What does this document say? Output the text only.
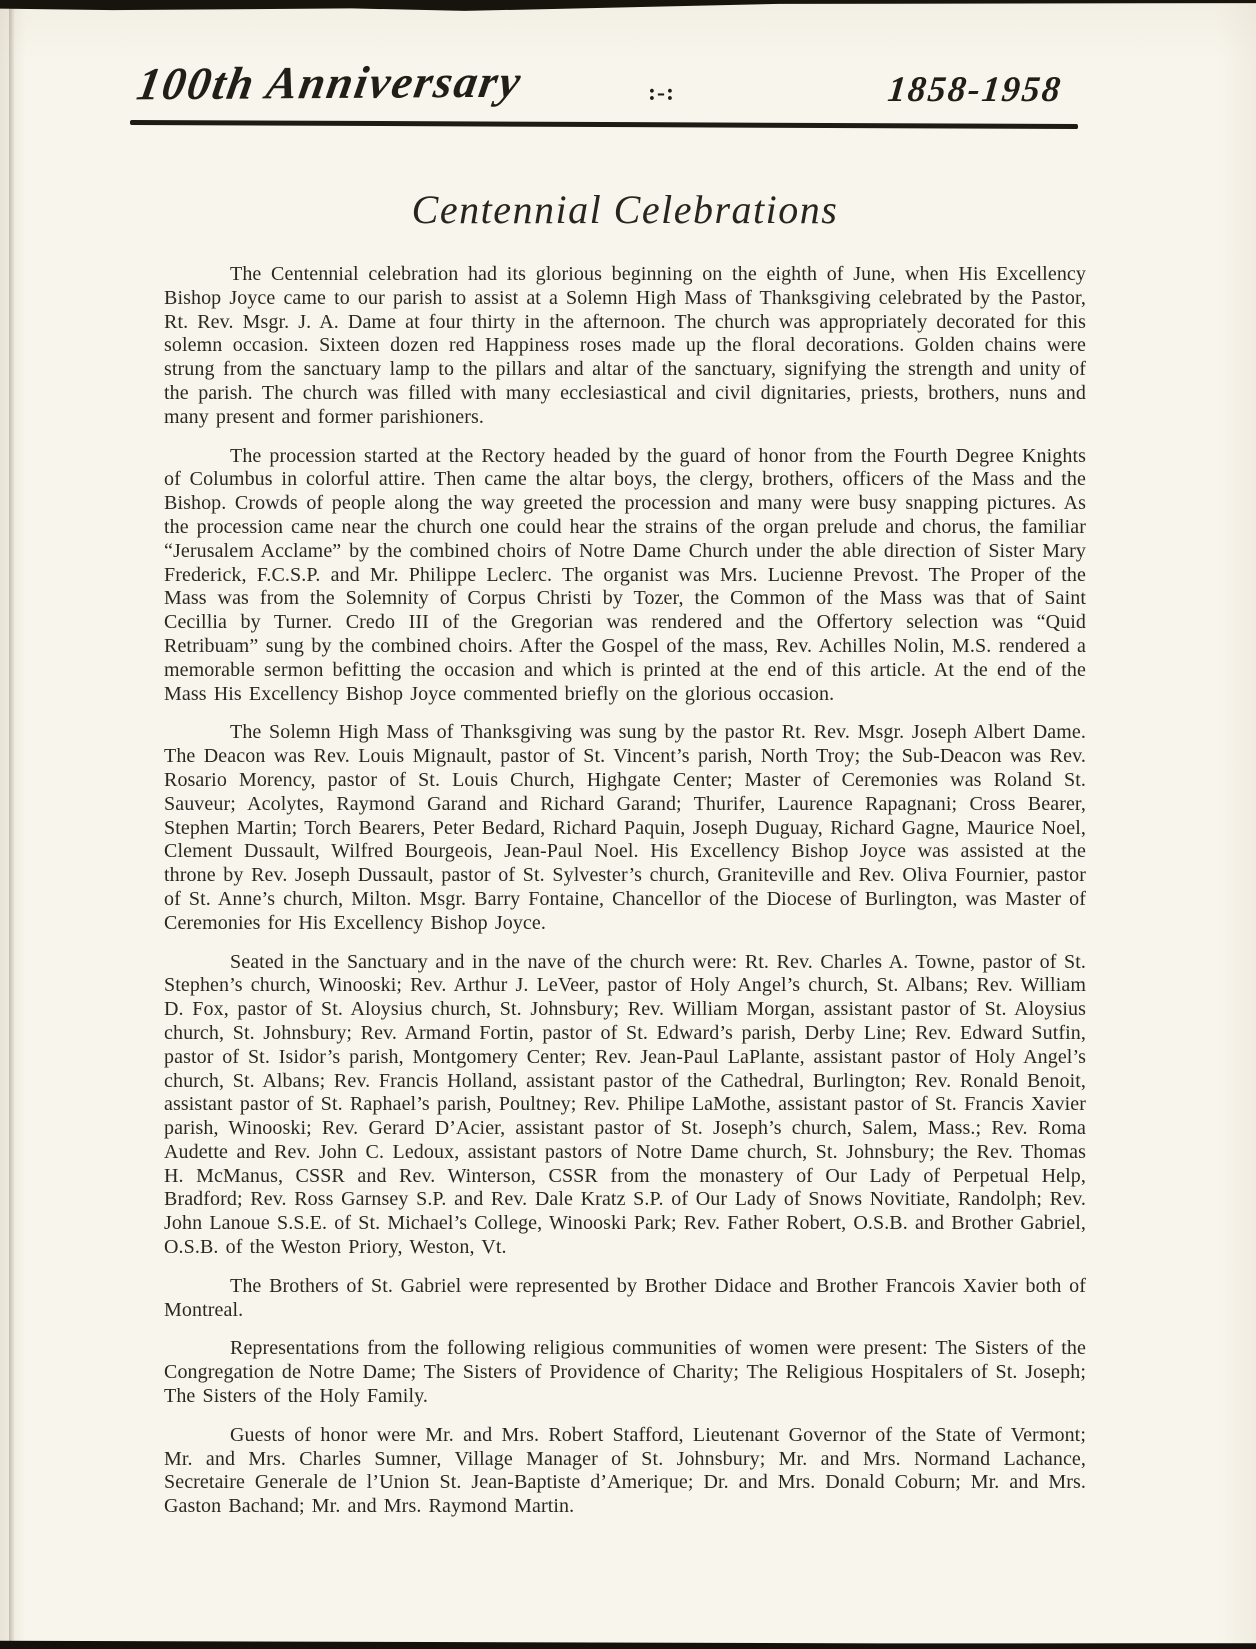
100th Anniversary	:-:	1858-1958
Centennial Celebrations

The Centennial celebration had its glorious beginning on the eighth of June, when His Excellency Bishop Joyce came to our parish to assist at a Solemn High Mass of Thanksgiving celebrated by the Pastor, Rt. Rev. Msgr. J. A. Dame at four thirty in the afternoon. The church was appropriately decorated for this solemn occasion. Sixteen dozen red Happiness roses made up the floral decorations. Golden chains were strung from the sanctuary lamp to the pillars and altar of the sanctuary, signifying the strength and unity of the parish. The church was filled with many ecclesiastical and civil dignitaries, priests, brothers, nuns and many present and former parishioners.

The procession started at the Rectory headed by the guard of honor from the Fourth Degree Knights of Columbus in colorful attire. Then came the altar boys, the clergy, brothers, officers of the Mass and the Bishop. Crowds of people along the way greeted the procession and many were busy snapping pictures. As the procession came near the church one could hear the strains of the organ prelude and chorus, the familiar “Jerusalem Acclame” by the combined choirs of Notre Dame Church under the able direction of Sister Mary Frederick, F.C.S.P. and Mr. Philippe Leclerc. The organist was Mrs. Lucienne Prevost. The Proper of the Mass was from the Solemnity of Corpus Christi by Tozer, the Common of the Mass was that of Saint Cecillia by Turner. Credo III of the Gregorian was rendered and the Offertory selection was “Quid Retribuam” sung by the combined choirs. After the Gospel of the mass, Rev. Achilles Nolin, M.S. rendered a memorable sermon befitting the occasion and which is printed at the end of this article. At the end of the Mass His Excellency Bishop Joyce commented briefly on the glorious occasion.

The Solemn High Mass of Thanksgiving was sung by the pastor Rt. Rev. Msgr. Joseph Albert Dame. The Deacon was Rev. Louis Mignault, pastor of St. Vincent’s parish, North Troy; the Sub-Deacon was Rev. Rosario Morency, pastor of St. Louis Church, Highgate Center; Master of Ceremonies was Roland St. Sauveur; Acolytes, Raymond Garand and Richard Garand; Thurifer, Laurence Rapagnani; Cross Bearer, Stephen Martin; Torch Bearers, Peter Bedard, Richard Paquin, Joseph Duguay, Richard Gagne, Maurice Noel, Clement Dussault, Wilfred Bourgeois, Jean-Paul Noel. His Excellency Bishop Joyce was assisted at the throne by Rev. Joseph Dussault, pastor of St. Sylvester’s church, Graniteville and Rev. Oliva Fournier, pastor of St. Anne’s church, Milton. Msgr. Barry Fontaine, Chancellor of the Diocese of Burlington, was Master of Ceremonies for His Excellency Bishop Joyce.

Seated in the Sanctuary and in the nave of the church were: Rt. Rev. Charles A. Towne, pastor of St. Stephen’s church, Winooski; Rev. Arthur J. LeVeer, pastor of Holy Angel’s church, St. Albans; Rev. William D. Fox, pastor of St. Aloysius church, St. Johnsbury; Rev. William Morgan, assistant pastor of St. Aloysius church, St. Johnsbury; Rev. Armand Fortin, pastor of St. Edward’s parish, Derby Line; Rev. Edward Sutfin, pastor of St. Isidor’s parish, Montgomery Center; Rev. Jean-Paul LaPlante, assistant pastor of Holy Angel’s church, St. Albans; Rev. Francis Holland, assistant pastor of the Cathedral, Burlington; Rev. Ronald Benoit, assistant pastor of St. Raphael’s parish, Poultney; Rev. Philipe LaMothe, assistant pastor of St. Francis Xavier parish, Winooski; Rev. Gerard D’Acier, assistant pastor of St. Joseph’s church, Salem, Mass.; Rev. Roma Audette and Rev. John C. Ledoux, assistant pastors of Notre Dame church, St. Johnsbury; the Rev. Thomas H. McManus, CSSR and Rev. Winterson, CSSR from the monastery of Our Lady of Perpetual Help, Bradford; Rev. Ross Garnsey S.P. and Rev. Dale Kratz S.P. of Our Lady of Snows Novitiate, Randolph; Rev. John Lanoue S.S.E. of St. Michael’s College, Winooski Park; Rev. Father Robert, O.S.B. and Brother Gabriel, O.S.B. of the Weston Priory, Weston, Vt.

The Brothers of St. Gabriel were represented by Brother Didace and Brother Francois Xavier both of Montreal.

Representations from the following religious communities of women were present: The Sisters of the Congregation de Notre Dame; The Sisters of Providence of Charity; The Religious Hospitalers of St. Joseph; The Sisters of the Holy Family.

Guests of honor were Mr. and Mrs. Robert Stafford, Lieutenant Governor of the State of Vermont; Mr. and Mrs. Charles Sumner, Village Manager of St. Johnsbury; Mr. and Mrs. Normand Lachance, Secretaire Generale de l’Union St. Jean-Baptiste d’Amerique; Dr. and Mrs. Donald Coburn; Mr. and Mrs. Gaston Bachand; Mr. and Mrs. Raymond Martin.
